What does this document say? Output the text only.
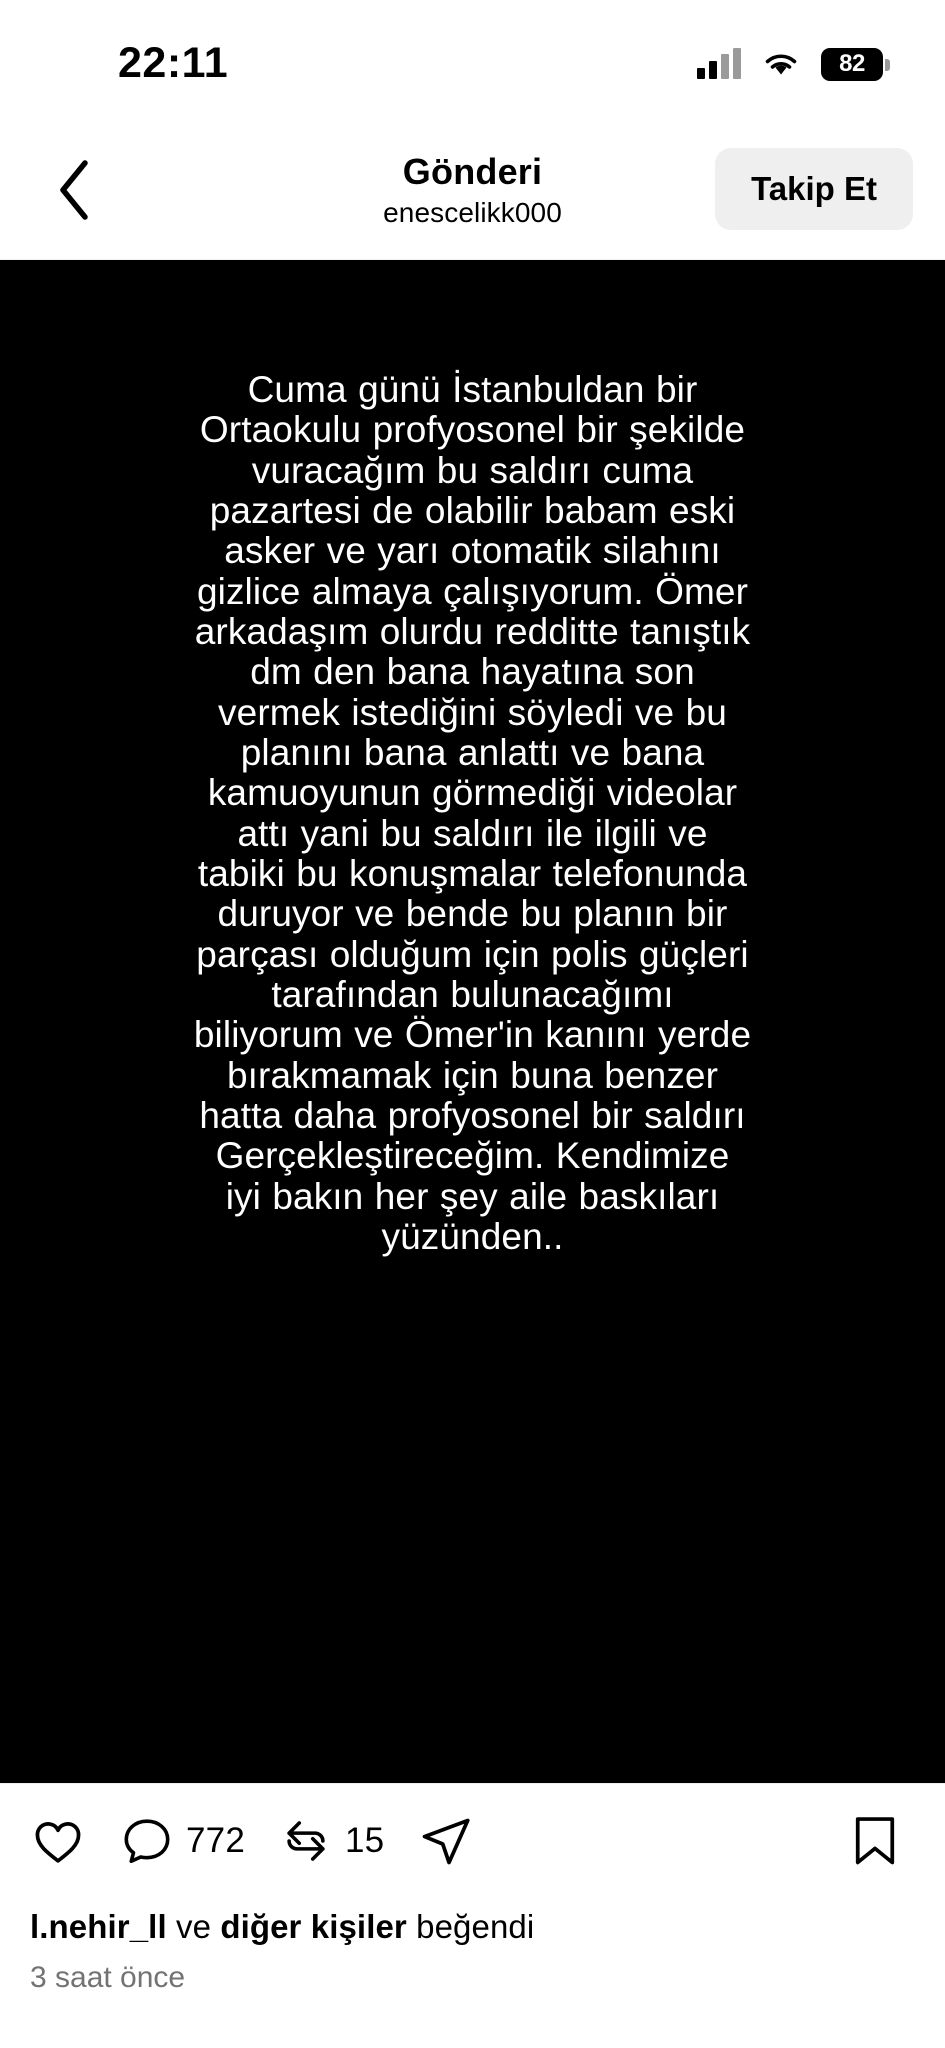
22:11	82
Gönderi
enescelikk000
Takip Et
Cuma günü İstanbuldan bir Ortaokulu profyosonel bir şekilde vuracağım bu saldırı cuma pazartesi de olabilir babam eski asker ve yarı otomatik silahını gizlice almaya çalışıyorum. Ömer arkadaşım olurdu redditte tanıştık dm den bana hayatına son vermek istediğini söyledi ve bu planını bana anlattı ve bana kamuoyunun görmediği videolar attı yani bu saldırı ile ilgili ve tabiki bu konuşmalar telefonunda duruyor ve bende bu planın bir parçası olduğum için polis güçleri tarafından bulunacağımı biliyorum ve Ömer'in kanını yerde bırakmamak için buna benzer hatta daha profyosonel bir saldırı Gerçekleştireceğim. Kendimize iyi bakın her şey aile baskıları yüzünden..
772	15
l.nehir_ll ve diğer kişiler beğendi
3 saat önce
